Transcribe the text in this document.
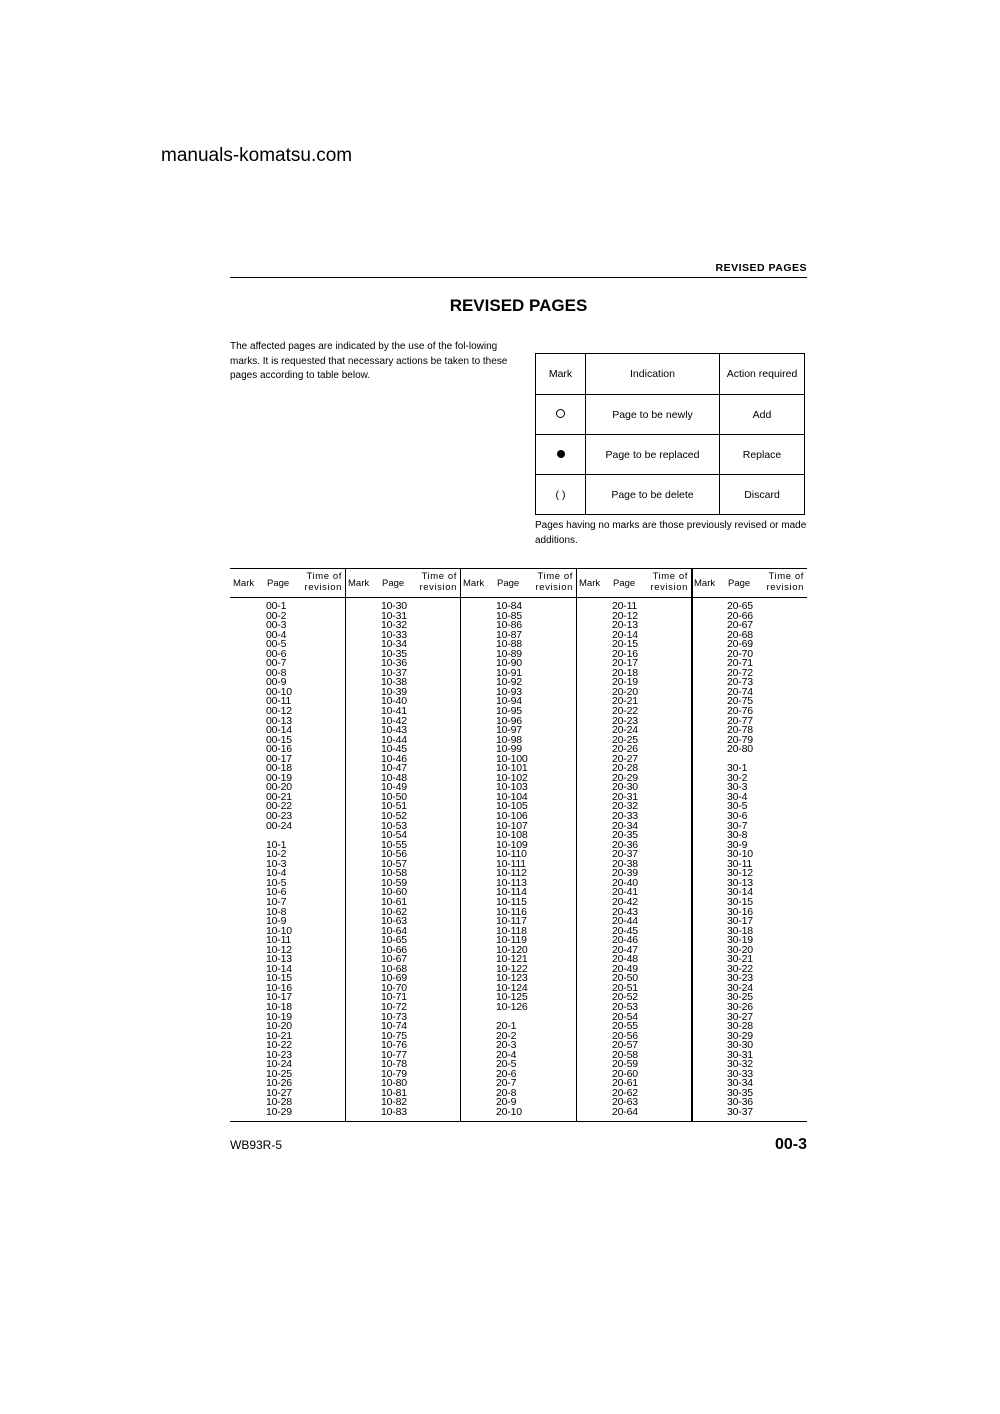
manuals-komatsu.com
REVISED PAGES
REVISED PAGES
The affected pages are indicated by the use of the fol-lowing marks. It is requested that necessary actions be taken to these pages according to table below.	Mark	Indication	Action required
	Page to be newly	Add
	Page to be replaced	Replace
( )	Page to be delete	Discard
Pages having no marks are those previously revised or made additions.
Mark Page
Time of
revision
00-1
00-2
00-3
00-4
00-5
00-6
00-7
00-8
00-9
00-10
00-11
00-12
00-13
00-14
00-15
00-16
00-17
00-18
00-19
00-20
00-21
00-22
00-23
00-24
10-1
10-2
10-3
10-4
10-5
10-6
10-7
10-8
10-9
10-10
10-11
10-12
10-13
10-14
10-15
10-16
10-17
10-18
10-19
10-20
10-21
10-22
10-23
10-24
10-25
10-26
10-27
10-28
10-29
Mark Page
Time of
revision
10-30
10-31
10-32
10-33
10-34
10-35
10-36
10-37
10-38
10-39
10-40
10-41
10-42
10-43
10-44
10-45
10-46
10-47
10-48
10-49
10-50
10-51
10-52
10-53
10-54
10-55
10-56
10-57
10-58
10-59
10-60
10-61
10-62
10-63
10-64
10-65
10-66
10-67
10-68
10-69
10-70
10-71
10-72
10-73
10-74
10-75
10-76
10-77
10-78
10-79
10-80
10-81
10-82
10-83
Mark Page
Time of
revision
10-84
10-85
10-86
10-87
10-88
10-89
10-90
10-91
10-92
10-93
10-94
10-95
10-96
10-97
10-98
10-99
10-100
10-101
10-102
10-103
10-104
10-105
10-106
10-107
10-108
10-109
10-110
10-111
10-112
10-113
10-114
10-115
10-116
10-117
10-118
10-119
10-120
10-121
10-122
10-123
10-124
10-125
10-126
20-1
20-2
20-3
20-4
20-5
20-6
20-7
20-8
20-9
20-10
Mark Page
Time of
revision
20-11
20-12
20-13
20-14
20-15
20-16
20-17
20-18
20-19
20-20
20-21
20-22
20-23
20-24
20-25
20-26
20-27
20-28
20-29
20-30
20-31
20-32
20-33
20-34
20-35
20-36
20-37
20-38
20-39
20-40
20-41
20-42
20-43
20-44
20-45
20-46
20-47
20-48
20-49
20-50
20-51
20-52
20-53
20-54
20-55
20-56
20-57
20-58
20-59
20-60
20-61
20-62
20-63
20-64
Mark Page
Time of
revision
20-65
20-66
20-67
20-68
20-69
20-70
20-71
20-72
20-73
20-74
20-75
20-76
20-77
20-78
20-79
20-80
30-1
30-2
30-3
30-4
30-5
30-6
30-7
30-8
30-9
30-10
30-11
30-12
30-13
30-14
30-15
30-16
30-17
30-18
30-19
30-20
30-21
30-22
30-23
30-24
30-25
30-26
30-27
30-28
30-29
30-30
30-31
30-32
30-33
30-34
30-35
30-36
30-37
WB93R-5	00-3
